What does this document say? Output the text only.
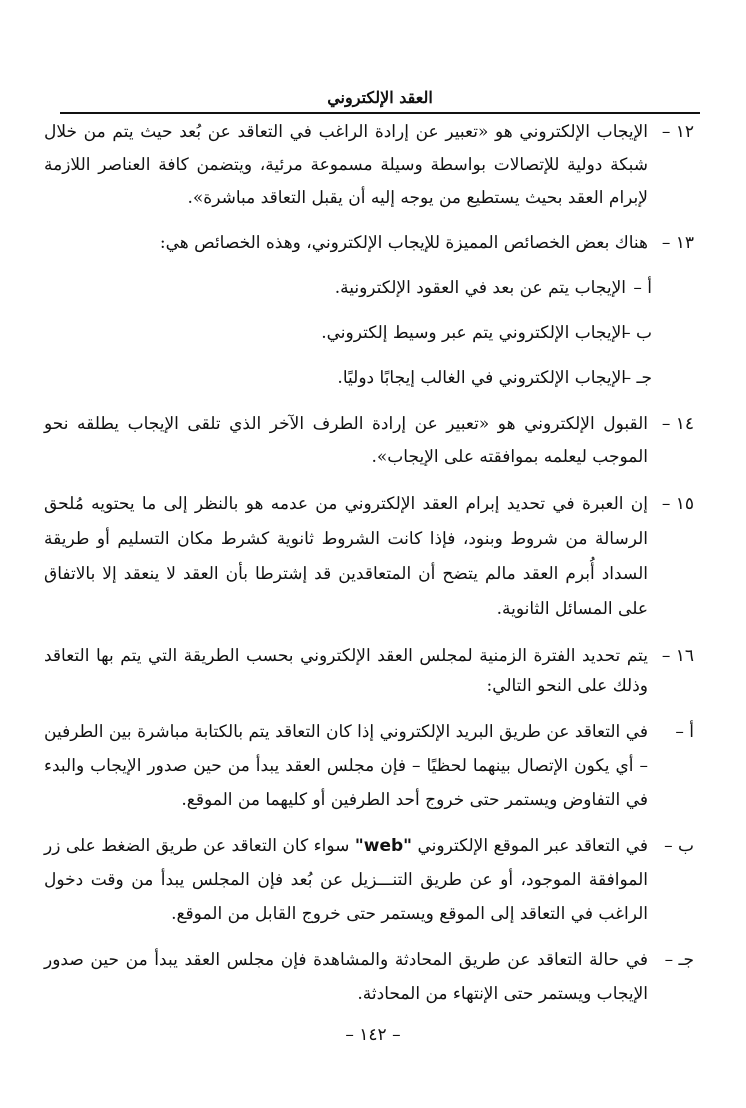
العقد الإلكتروني
١٢ –

الإيجاب الإلكتروني هو «تعبير عن إرادة الراغب في التعاقد عن بُعد حيث يتم من خلال شبكة دولية للإتصالات بواسطة وسيلة مسموعة مرئية، ويتضمن كافة العناصر اللازمة لإبرام العقد بحيث يستطيع من يوجه إليه أن يقبل التعاقد مباشرة».

١٣ –

هناك بعض الخصائص المميزة للإيجاب الإلكتروني، وهذه الخصائص هي:

أ –

الإيجاب يتم عن بعد في العقود الإلكترونية.

ب –

الإيجاب الإلكتروني يتم عبر وسيط إلكتروني.

جـ –

الإيجاب الإلكتروني في الغالب إيجابًا دوليًا.

١٤ –

القبول الإلكتروني هو «تعبير عن إرادة الطرف الآخر الذي تلقى الإيجاب يطلقه نحو الموجب ليعلمه بموافقته على الإيجاب».

١٥ –

إن العبرة في تحديد إبرام العقد الإلكتروني من عدمه هو بالنظر إلى ما يحتويه مُلحق الرسالة من شروط وبنود، فإذا كانت الشروط ثانوية كشرط مكان التسليم أو طريقة السداد أُبرم العقد مالم يتضح أن المتعاقدين قد إشترطا بأن العقد لا ينعقد إلا بالاتفاق على المسائل الثانوية.

١٦ –

يتم تحديد الفترة الزمنية لمجلس العقد الإلكتروني بحسب الطريقة التي يتم بها التعاقد وذلك على النحو التالي:

أ –

في التعاقد عن طريق البريد الإلكتروني إذا كان التعاقد يتم بالكتابة مباشرة بين الطرفين – أي يكون الإتصال بينهما لحظيًا – فإن مجلس العقد يبدأ من حين صدور الإيجاب والبدء في التفاوض ويستمر حتى خروج أحد الطرفين أو كليهما من الموقع.

ب –

في التعاقد عبر الموقع الإلكتروني "web" سواء كان التعاقد عن طريق الضغط على زر الموافقة الموجود، أو عن طريق التنـــزيل عن بُعد فإن المجلس يبدأ من وقت دخول الراغب في التعاقد إلى الموقع ويستمر حتى خروج القابل من الموقع.

جـ –

في حالة التعاقد عن طريق المحادثة والمشاهدة فإن مجلس العقد يبدأ من حين صدور الإيجاب ويستمر حتى الإنتهاء من المحادثة.

– ١٤٢ –
